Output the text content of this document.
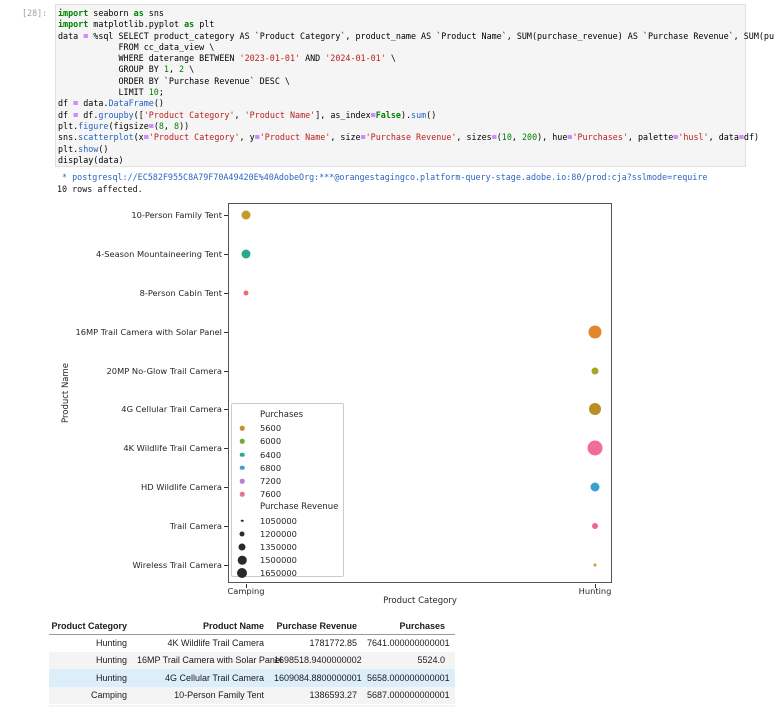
[28]: import seaborn as sns
import matplotlib.pyplot as plt
data = %sql SELECT product_category AS `Product Category`, product_name AS `Product Name`, SUM(purchase_revenue) AS `Purchase Revenue`, SUM(pu
FROM cc_data_view \
WHERE daterange BETWEEN '2023-01-01' AND '2024-01-01' \
GROUP BY 1, 2 \
ORDER BY `Purchase Revenue` DESC \
LIMIT 10;
df = data.DataFrame()
df = df.groupby(['Product Category', 'Product Name'], as_index=False).sum()
plt.figure(figsize=(8, 8))
sns.scatterplot(x='Product Category', y='Product Name', size='Purchase Revenue', sizes=(10, 200), hue='Purchases', palette='husl', data=df)
plt.show()
display(data)
* postgresql://EC582F955C8A79F70A49420E%40AdobeOrg:***@orangestagingco.platform-query-stage.adobe.io:80/prod:cja?sslmode=require
10 rows affected.
Product Name
Product Category
10-Person Family Tent
4-Season Mountaineering Tent
8-Person Cabin Tent
16MP Trail Camera with Solar Panel
20MP No-Glow Trail Camera
4G Cellular Trail Camera
4K Wildlife Trail Camera
HD Wildlife Camera
Trail Camera
Wireless Trail Camera
Camping	Hunting
Purchases
5600
6000
6400
6800
7200
7600
Purchase Revenue
1050000
1200000
1350000
1500000
1650000
Product Category	Product Name	Purchase Revenue	Purchases
Hunting	4K Wildlife Trail Camera	1781772.85	7641.000000000001
Hunting	16MP Trail Camera with Solar Panel	1698518.9400000002	5524.0
Hunting	4G Cellular Trail Camera	1609084.8800000001	5658.000000000001
Camping	10-Person Family Tent	1386593.27	5687.000000000001
